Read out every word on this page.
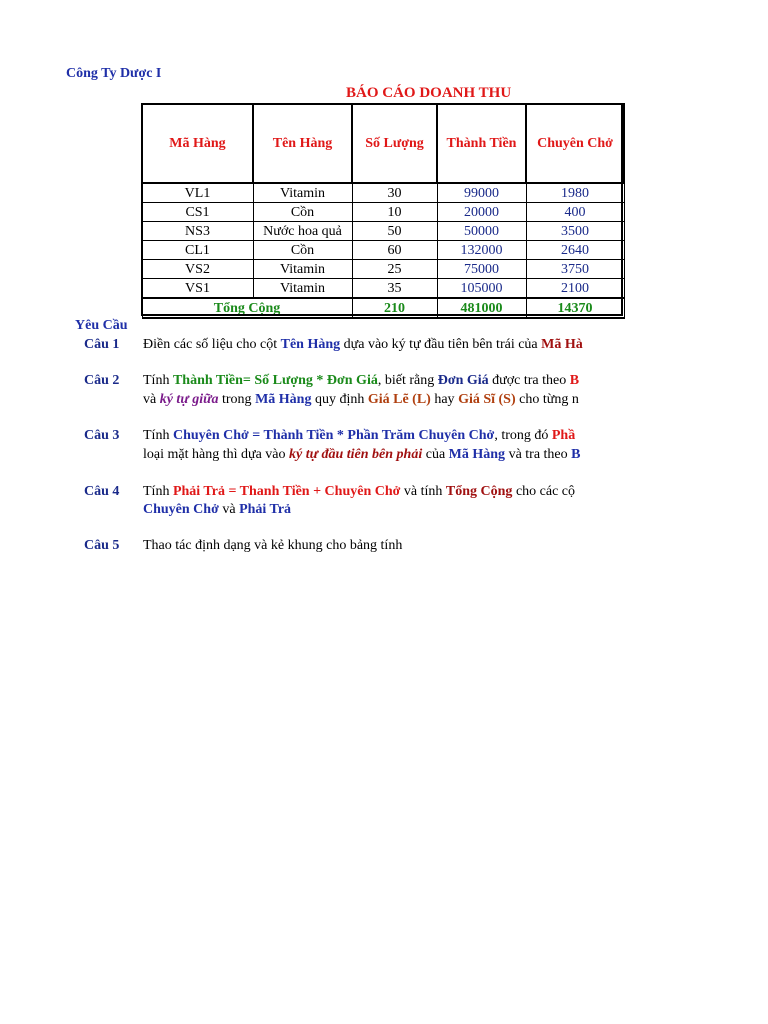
Công Ty Dược I
BÁO CÁO DOANH THU
Mã Hàng	Tên Hàng	Số Lượng	Thành Tiền	Chuyên Chở
VL1	Vitamin	30	99000	1980
CS1	Cồn	10	20000	400
NS3	Nước hoa quả	50	50000	3500
CL1	Cồn	60	132000	2640
VS2	Vitamin	25	75000	3750
VS1	Vitamin	35	105000	2100
Tổng Cộng		210	481000	14370
Yêu Cầu
Câu 1 Điền các số liệu cho cột Tên Hàng dựa vào ký tự đầu tiên bên trái của Mã Hà
Câu 2 Tính Thành Tiền= Số Lượng * Đơn Giá, biết rằng Đơn Giá được tra theo B
và ký tự giữa trong Mã Hàng quy định Giá Lẽ (L) hay Giá Sĩ (S) cho từng n
Câu 3 Tính Chuyên Chở = Thành Tiền * Phần Trăm Chuyên Chở, trong đó Phầ
loại mặt hàng thì dựa vào ký tự đầu tiên bên phải của Mã Hàng và tra theo B
Câu 4 Tính Phải Trả = Thanh Tiền + Chuyên Chở và tính Tổng Cộng cho các cộ
Chuyên Chở và Phải Trả
Câu 5 Thao tác định dạng và kẻ khung cho bảng tính
